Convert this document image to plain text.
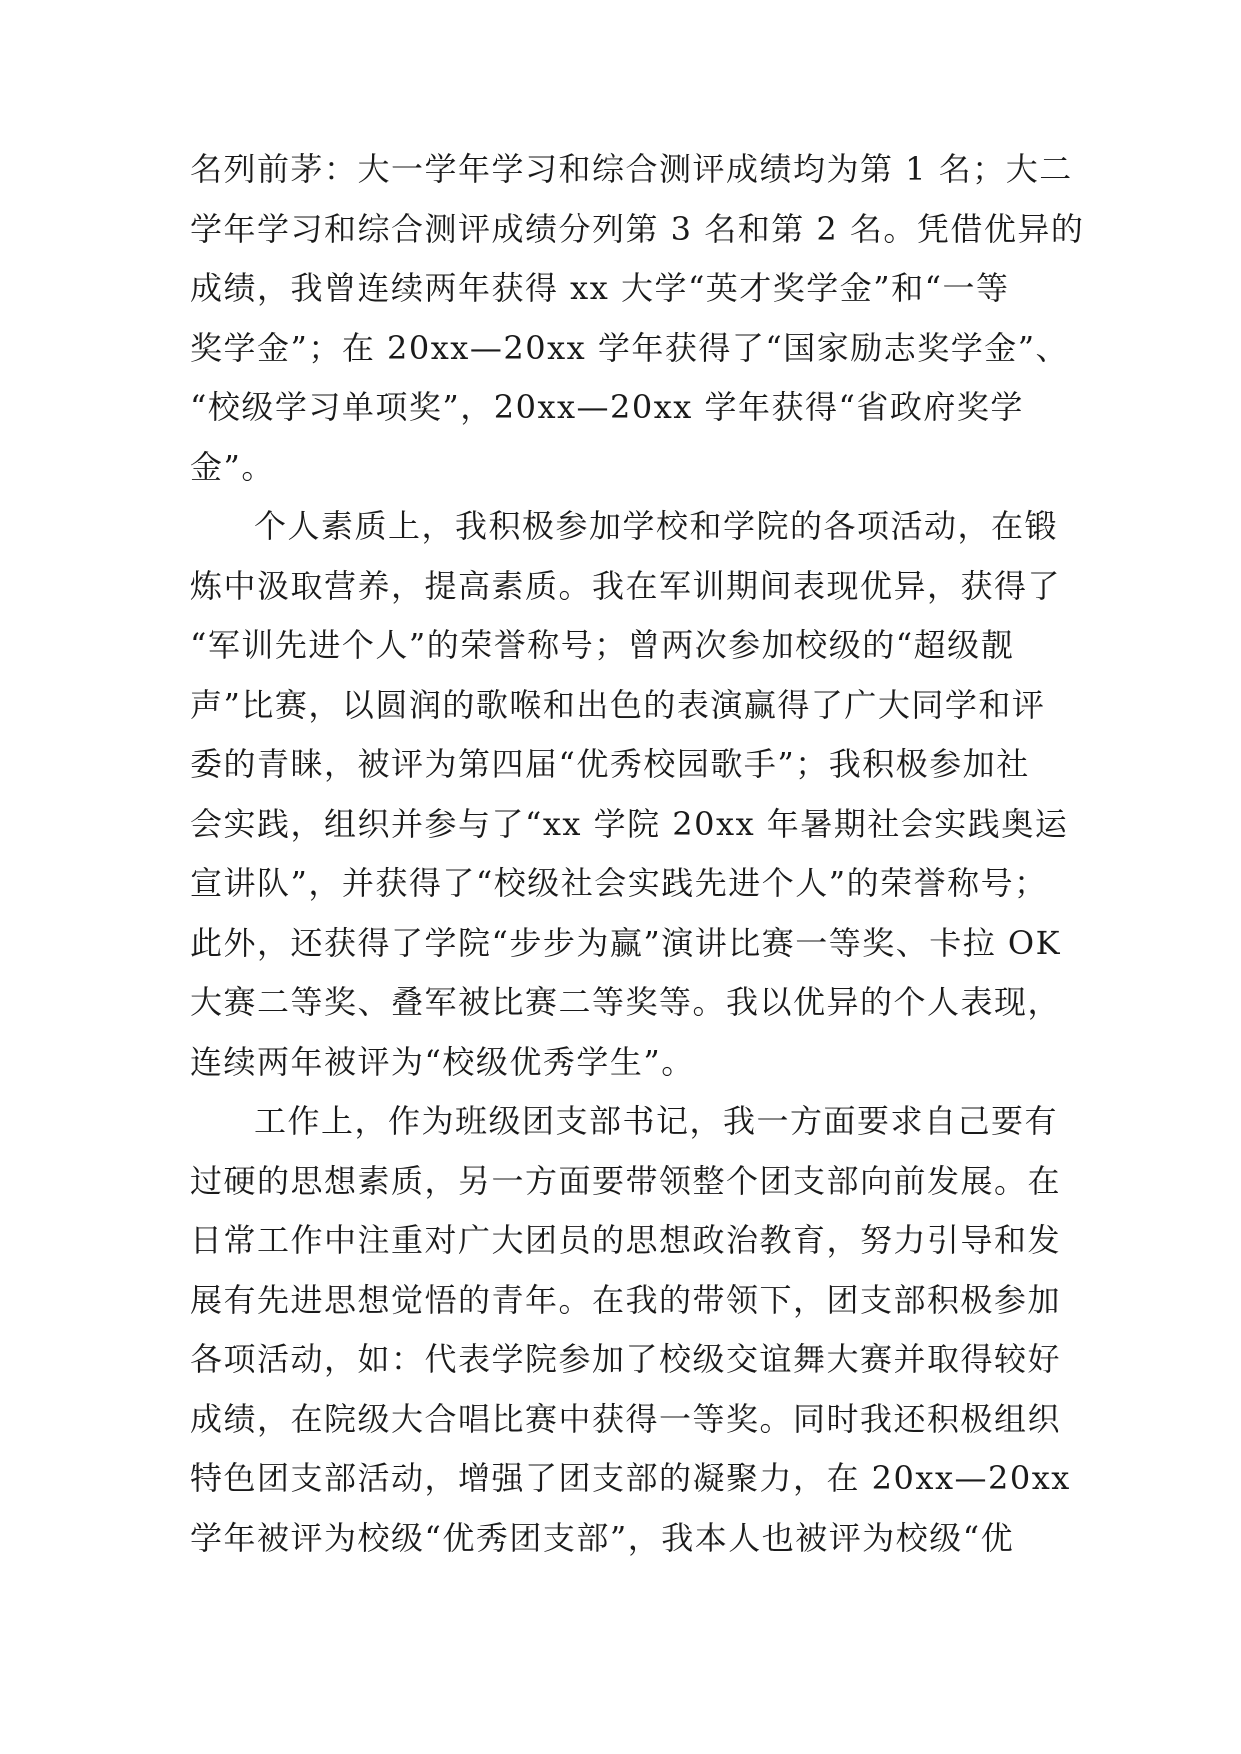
名列前茅：大一学年学习和综合测评成绩均为第 1 名；大二
学年学习和综合测评成绩分列第 3 名和第 2 名。凭借优异的
成绩，我曾连续两年获得 xx 大学“英才奖学金”和“一等
奖学金”；在 20xx—20xx 学年获得了“国家励志奖学金”、
“校级学习单项奖”，20xx—20xx 学年获得“省政府奖学
金”。
个人素质上，我积极参加学校和学院的各项活动，在锻
炼中汲取营养，提高素质。我在军训期间表现优异，获得了
“军训先进个人”的荣誉称号；曾两次参加校级的“超级靓
声”比赛，以圆润的歌喉和出色的表演赢得了广大同学和评
委的青睐，被评为第四届“优秀校园歌手”；我积极参加社
会实践，组织并参与了“xx 学院 20xx 年暑期社会实践奥运
宣讲队”，并获得了“校级社会实践先进个人”的荣誉称号；
此外，还获得了学院“步步为赢”演讲比赛一等奖、卡拉 OK
大赛二等奖、叠军被比赛二等奖等。我以优异的个人表现，
连续两年被评为“校级优秀学生”。
工作上，作为班级团支部书记，我一方面要求自己要有
过硬的思想素质，另一方面要带领整个团支部向前发展。在
日常工作中注重对广大团员的思想政治教育，努力引导和发
展有先进思想觉悟的青年。在我的带领下，团支部积极参加
各项活动，如：代表学院参加了校级交谊舞大赛并取得较好
成绩，在院级大合唱比赛中获得一等奖。同时我还积极组织
特色团支部活动，增强了团支部的凝聚力，在 20xx—20xx
学年被评为校级“优秀团支部”，我本人也被评为校级“优
